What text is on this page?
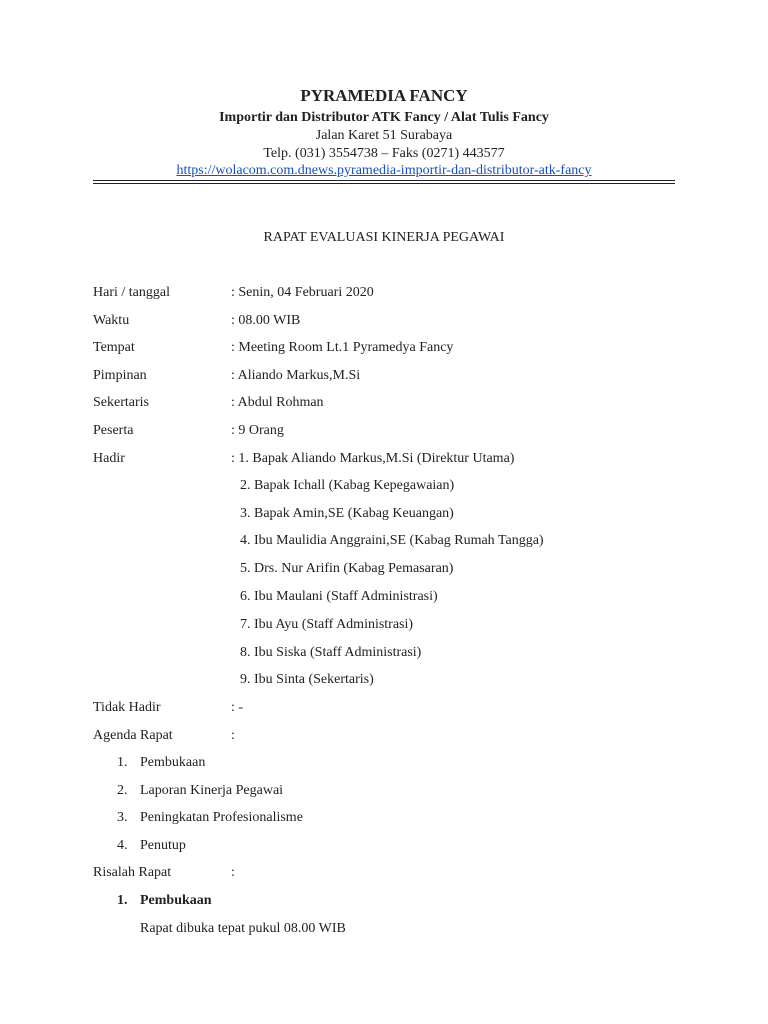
PYRAMEDIA FANCY
Importir dan Distributor ATK Fancy / Alat Tulis Fancy
Jalan Karet 51 Surabaya
Telp. (031) 3554738 – Faks (0271) 443577
https://wolacom.com.dnews.pyramedia-importir-dan-distributor-atk-fancy
RAPAT EVALUASI KINERJA PEGAWAI
Hari / tanggal	: Senin, 04 Februari 2020
Waktu	: 08.00 WIB
Tempat	: Meeting Room Lt.1 Pyramedya Fancy
Pimpinan	: Aliando Markus,M.Si
Sekertaris	: Abdul Rohman
Peserta	: 9 Orang
Hadir	: 1. Bapak Aliando Markus,M.Si (Direktur Utama)
2. Bapak Ichall (Kabag Kepegawaian)
3. Bapak Amin,SE (Kabag Keuangan)
4. Ibu Maulidia Anggraini,SE (Kabag Rumah Tangga)
5. Drs. Nur Arifin (Kabag Pemasaran)
6. Ibu Maulani (Staff Administrasi)
7. Ibu Ayu (Staff Administrasi)
8. Ibu Siska (Staff Administrasi)
9. Ibu Sinta (Sekertaris)
Tidak Hadir	: -
Agenda Rapat	:
1. Pembukaan
2. Laporan Kinerja Pegawai
3. Peningkatan Profesionalisme
4. Penutup
Risalah Rapat	:
1. Pembukaan
Rapat dibuka tepat pukul 08.00 WIB
